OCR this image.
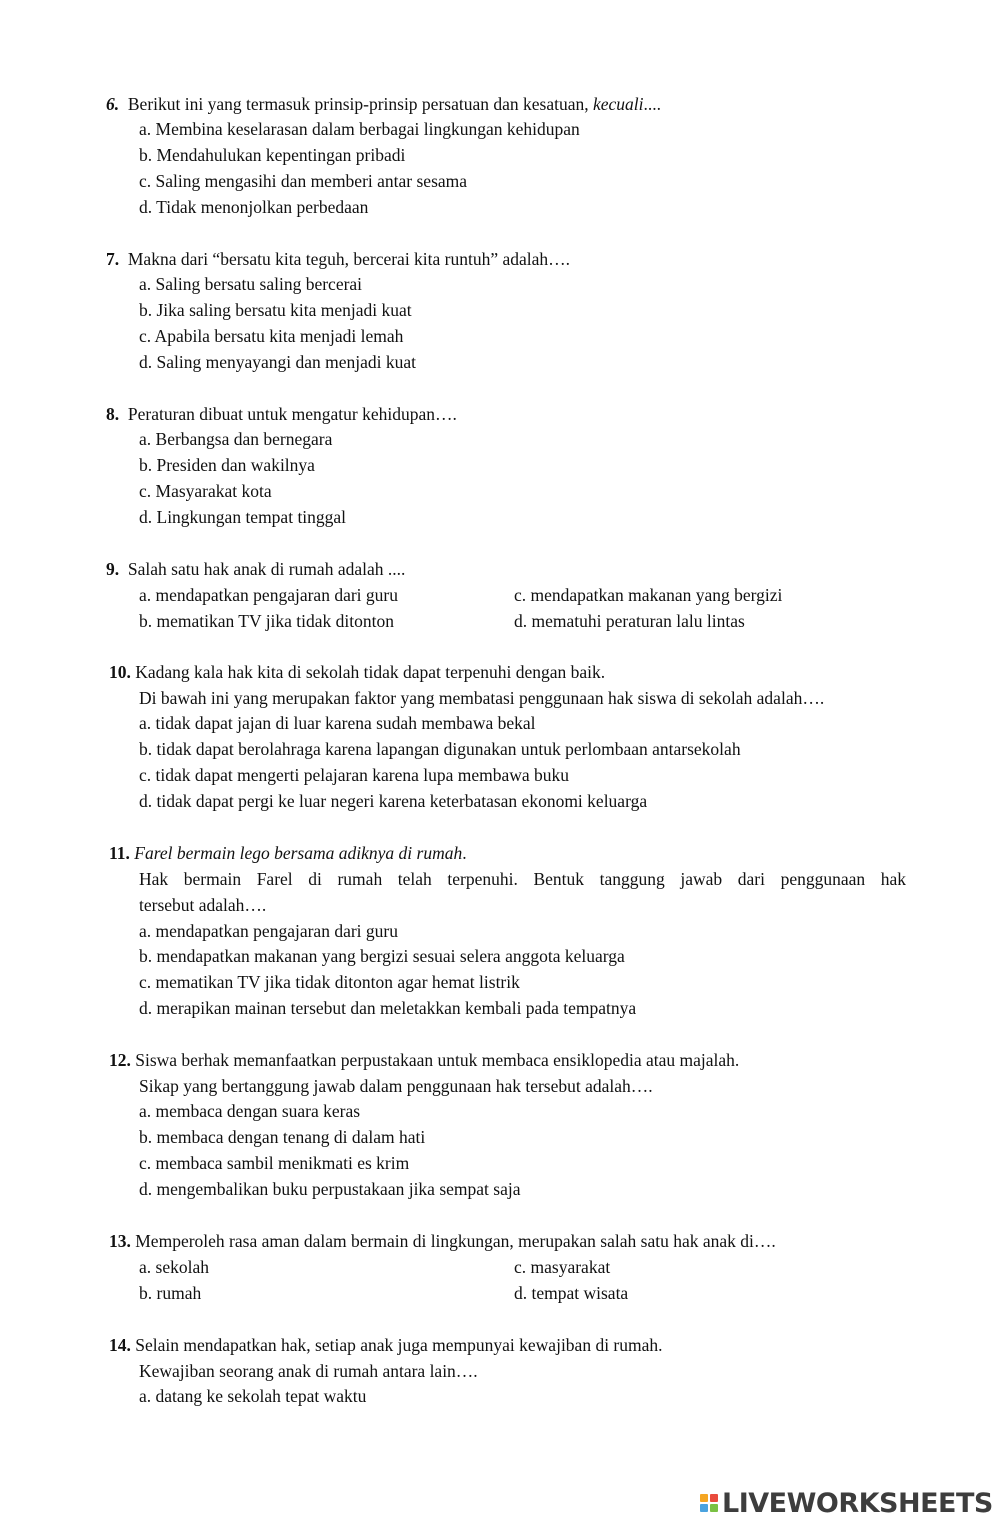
6. Berikut ini yang termasuk prinsip-prinsip persatuan dan kesatuan, kecuali....
a. Membina keselarasan dalam berbagai lingkungan kehidupan
b. Mendahulukan kepentingan pribadi
c. Saling mengasihi dan memberi antar sesama
d. Tidak menonjolkan perbedaan
7. Makna dari “bersatu kita teguh, bercerai kita runtuh” adalah….
a. Saling bersatu saling bercerai
b. Jika saling bersatu kita menjadi kuat
c. Apabila bersatu kita menjadi lemah
d. Saling menyayangi dan menjadi kuat
8. Peraturan dibuat untuk mengatur kehidupan….
a. Berbangsa dan bernegara
b. Presiden dan wakilnya
c. Masyarakat kota
d. Lingkungan tempat tinggal
9. Salah satu hak anak di rumah adalah ....
a. mendapatkan pengajaran dari guru
b. mematikan TV jika tidak ditonton
c. mendapatkan makanan yang bergizi
d. mematuhi peraturan lalu lintas
10. Kadang kala hak kita di sekolah tidak dapat terpenuhi dengan baik.
Di bawah ini yang merupakan faktor yang membatasi penggunaan hak siswa di sekolah adalah….
a. tidak dapat jajan di luar karena sudah membawa bekal
b. tidak dapat berolahraga karena lapangan digunakan untuk perlombaan antarsekolah
c. tidak dapat mengerti pelajaran karena lupa membawa buku
d. tidak dapat pergi ke luar negeri karena keterbatasan ekonomi keluarga
11. Farel bermain lego bersama adiknya di rumah.
Hak bermain Farel di rumah telah terpenuhi. Bentuk tanggung jawab dari penggunaan hak
tersebut adalah….
a. mendapatkan pengajaran dari guru
b. mendapatkan makanan yang bergizi sesuai selera anggota keluarga
c. mematikan TV jika tidak ditonton agar hemat listrik
d. merapikan mainan tersebut dan meletakkan kembali pada tempatnya
12. Siswa berhak memanfaatkan perpustakaan untuk membaca ensiklopedia atau majalah.
Sikap yang bertanggung jawab dalam penggunaan hak tersebut adalah….
a. membaca dengan suara keras
b. membaca dengan tenang di dalam hati
c. membaca sambil menikmati es krim
d. mengembalikan buku perpustakaan jika sempat saja
13. Memperoleh rasa aman dalam bermain di lingkungan, merupakan salah satu hak anak di….
a. sekolah
b. rumah
c. masyarakat
d. tempat wisata
14. Selain mendapatkan hak, setiap anak juga mempunyai kewajiban di rumah.
Kewajiban seorang anak di rumah antara lain….
a. datang ke sekolah tepat waktu
LIVEWORKSHEETS
